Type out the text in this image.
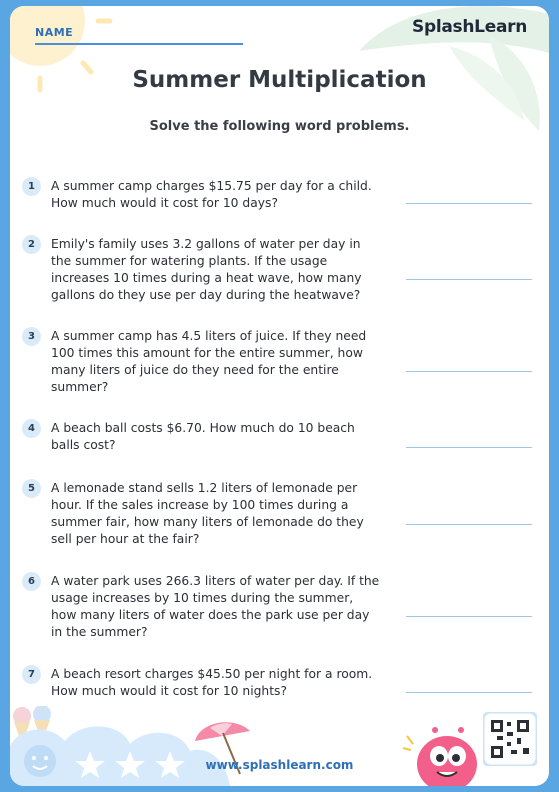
NAME	SplashLearn
Summer Multiplication
Solve the following word problems.
1	A summer camp charges $15.75 per day for a child. How much would it cost for 10 days?
2	Emily's family uses 3.2 gallons of water per day in the summer for watering plants. If the usage increases 10 times during a heat wave, how many gallons do they use per day during the heatwave?
3	A summer camp has 4.5 liters of juice. If they need 100 times this amount for the entire summer, how many liters of juice do they need for the entire summer?
4	A beach ball costs $6.70. How much do 10 beach balls cost?
5	A lemonade stand sells 1.2 liters of lemonade per hour. If the sales increase by 100 times during a summer fair, how many liters of lemonade do they sell per hour at the fair?
6	A water park uses 266.3 liters of water per day. If the usage increases by 10 times during the summer, how many liters of water does the park use per day in the summer?
7	A beach resort charges $45.50 per night for a room. How much would it cost for 10 nights?
www.splashlearn.com
